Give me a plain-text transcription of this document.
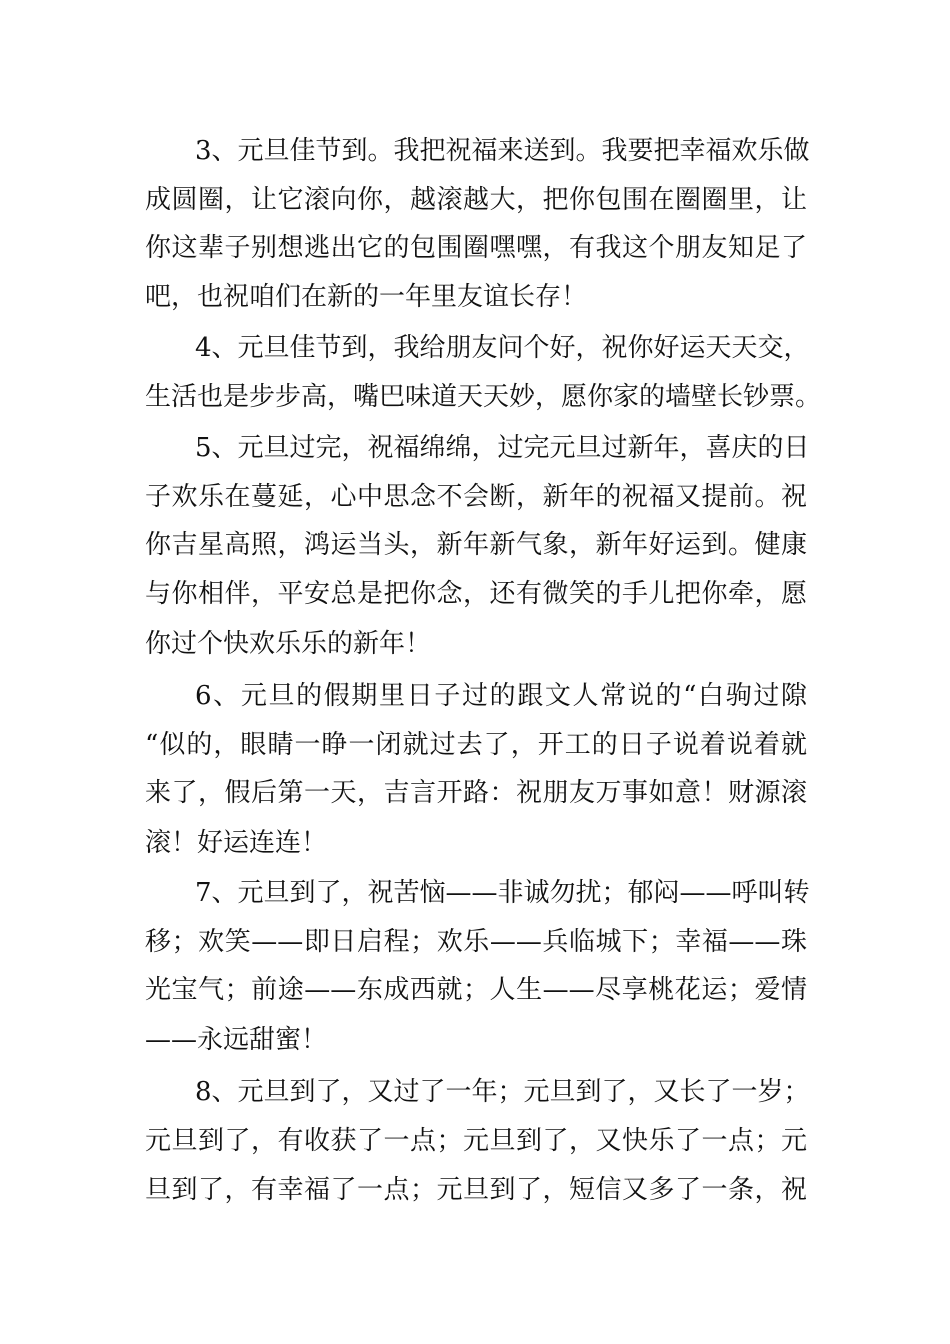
3、元旦佳节到。我把祝福来送到。我要把幸福欢乐做
成圆圈，让它滚向你，越滚越大，把你包围在圈圈里，让
你这辈子别想逃出它的包围圈嘿嘿，有我这个朋友知足了
吧，也祝咱们在新的一年里友谊长存！
4、元旦佳节到，我给朋友问个好，祝你好运天天交，
生活也是步步高，嘴巴味道天天妙，愿你家的墙壁长钞票。
5、元旦过完，祝福绵绵，过完元旦过新年，喜庆的日
子欢乐在蔓延，心中思念不会断，新年的祝福又提前。祝
你吉星高照，鸿运当头，新年新气象，新年好运到。健康
与你相伴，平安总是把你念，还有微笑的手儿把你牵，愿
你过个快欢乐乐的新年！
6、元旦的假期里日子过的跟文人常说的“白驹过隙
“似的，眼睛一睁一闭就过去了，开工的日子说着说着就
来了，假后第一天，吉言开路：祝朋友万事如意！财源滚
滚！好运连连！
7、元旦到了，祝苦恼——非诚勿扰；郁闷——呼叫转
移；欢笑——即日启程；欢乐——兵临城下；幸福——珠
光宝气；前途——东成西就；人生——尽享桃花运；爱情
——永远甜蜜！
8、元旦到了，又过了一年；元旦到了，又长了一岁；
元旦到了，有收获了一点；元旦到了，又快乐了一点；元
旦到了，有幸福了一点；元旦到了，短信又多了一条，祝
